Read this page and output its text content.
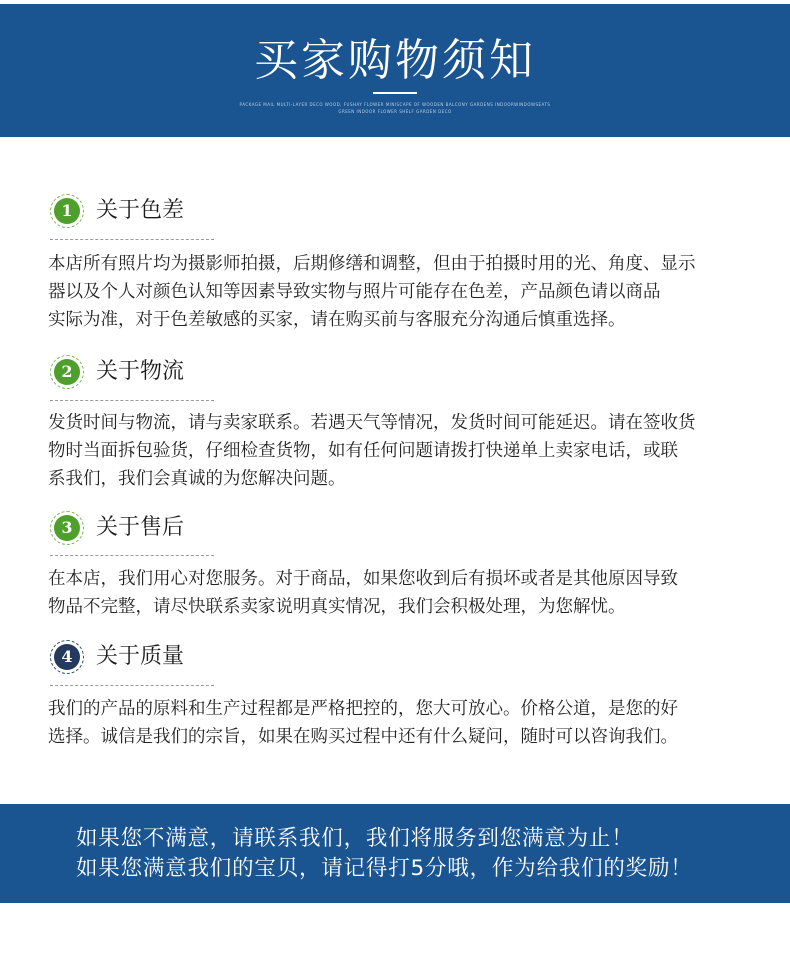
买家购物须知
PACKAGE MAIL MULTI-LAYER DECO WOOD, FUSHAY FLOWER MINISCAPE OF WOODEN BALCONY GARDENS INDOORWINDOWSEATS
GREEN INDOOR FLOWER SHELF GARDEN DECO
1	关于色差
本店所有照片均为摄影师拍摄，后期修缮和调整，但由于拍摄时用的光、角度、显示
器以及个人对颜色认知等因素导致实物与照片可能存在色差，产品颜色请以商品
实际为准，对于色差敏感的买家，请在购买前与客服充分沟通后慎重选择。
2	关于物流
发货时间与物流，请与卖家联系。若遇天气等情况，发货时间可能延迟。请在签收货
物时当面拆包验货，仔细检查货物，如有任何问题请拨打快递单上卖家电话，或联
系我们，我们会真诚的为您解决问题。
3	关于售后
在本店，我们用心对您服务。对于商品，如果您收到后有损坏或者是其他原因导致
物品不完整，请尽快联系卖家说明真实情况，我们会积极处理，为您解忧。
4	关于质量
我们的产品的原料和生产过程都是严格把控的，您大可放心。价格公道，是您的好
选择。诚信是我们的宗旨，如果在购买过程中还有什么疑问，随时可以咨询我们。

如果您不满意，请联系我们，我们将服务到您满意为止！

如果您满意我们的宝贝，请记得打5分哦，作为给我们的奖励！
